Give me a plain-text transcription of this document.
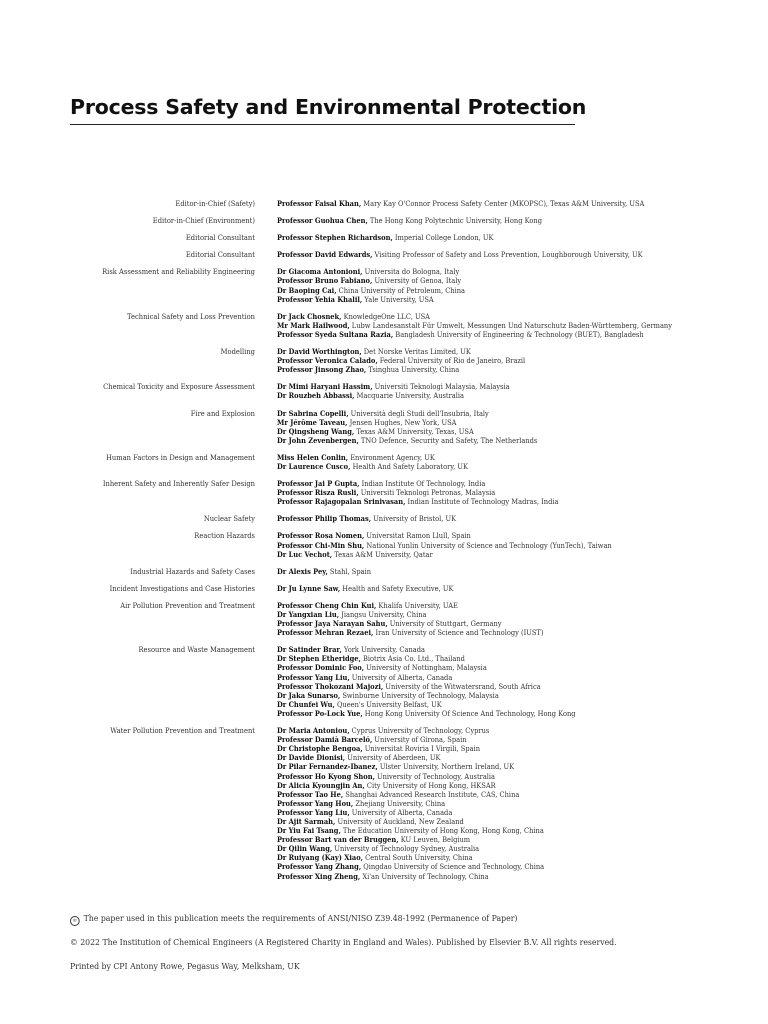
Process Safety and Environmental Protection
Editor-in-Chief (Safety)	Professor Faisal Khan, Mary Kay O'Connor Process Safety Center (MKOPSC), Texas A&M University, USA
Editor-in-Chief (Environment)	Professor Guohua Chen, The Hong Kong Polytechnic University, Hong Kong
Editorial Consultant	Professor Stephen Richardson, Imperial College London, UK
Editorial Consultant	Professor David Edwards, Visiting Professor of Safety and Loss Prevention, Loughborough University, UK
Risk Assessment and Reliability Engineering	Dr Giacoma Antonioni, Universita do Bologna, Italy
Professor Bruno Fabiano, University of Genoa, Italy
Dr Baoping Cai, China University of Petroleum, China
Professor Yehia Khalil, Yale University, USA
Technical Safety and Loss Prevention	Dr Jack Chosnek, KnowledgeOne LLC, USA
Mr Mark Hailwood, Lubw Landesanstalt Für Umwelt, Messungen Und Naturschutz Baden-Württemberg, Germany
Professor Syeda Sultana Razia, Bangladesh University of Engineering & Technology (BUET), Bangladesh
Modelling	Dr David Worthington, Det Norske Veritas Limited, UK
Professor Veronica Calado, Federal University of Rio de Janeiro, Brazil
Professor Jinsong Zhao, Tsinghua University, China
Chemical Toxicity and Exposure Assessment	Dr Mimi Haryani Hassim, Universiti Teknologi Malaysia, Malaysia
Dr Rouzbeh Abbassi, Macquarie University, Australia
Fire and Explosion	Dr Sabrina Copelli, Università degli Studi dell'Insubria, Italy
Mr Jérôme Taveau, Jensen Hughes, New York, USA
Dr Qingsheng Wang, Texas A&M University, Texas, USA
Dr John Zevenbergen, TNO Defence, Security and Safety, The Netherlands
Human Factors in Design and Management	Miss Helen Conlin, Environment Agency, UK
Dr Laurence Cusco, Health And Safety Laboratory, UK
Inherent Safety and Inherently Safer Design	Professor Jai P Gupta, Indian Institute Of Technology, India
Professor Risza Rusli, Universiti Teknologi Petronas, Malaysia
Professor Rajagopalan Srinivasan, Indian Institute of Technology Madras, India
Nuclear Safety	Professor Philip Thomas, University of Bristol, UK
Reaction Hazards	Professor Rosa Nomen, Universitat Ramon Llull, Spain
Professor Chi-Min Shu, National Yunlin University of Science and Technology (YunTech), Taiwan
Dr Luc Vechot, Texas A&M University, Qatar
Industrial Hazards and Safety Cases	Dr Alexis Pey, Stahl, Spain
Incident Investigations and Case Histories	Dr Ju Lynne Saw, Health and Safety Executive, UK
Air Pollution Prevention and Treatment	Professor Cheng Chin Kui, Khalifa University, UAE
Dr Yangxian Liu, Jiangsu University, China
Professor Jaya Narayan Sahu, University of Stuttgart, Germany
Professor Mehran Rezaei, Iran University of Science and Technology (IUST)
Resource and Waste Management	Dr Satinder Brar, York University, Canada
Dr Stephen Etheridge, Biotrix Asia Co. Ltd., Thailand
Professor Dominic Foo, University of Nottingham, Malaysia
Professor Yang Liu, University of Alberta, Canada
Professor Thokozani Majozi, University of the Witwatersrand, South Africa
Dr Jaka Sunarso, Swinburne University of Technology, Malaysia
Dr Chunfei Wu, Queen's University Belfast, UK
Professor Po-Lock Yue, Hong Kong University Of Science And Technology, Hong Kong
Water Pollution Prevention and Treatment	Dr Maria Antoniou, Cyprus University of Technology, Cyprus
Professor Damià Barceló, University of Girona, Spain
Dr Christophe Bengoa, Universitat Roviria I Virgili, Spain
Dr Davide Dionisi, University of Aberdeen, UK
Dr Pilar Fernandez-Ibanez, Ulster University, Northern Ireland, UK
Professor Ho Kyong Shon, University of Technology, Australia
Dr Alicia Kyoungjin An, City University of Hong Kong, HKSAR
Professor Tao He, Shanghai Advanced Research Institute, CAS, China
Professor Yang Hou, Zhejiang University, China
Professor Yang Liu, University of Alberta, Canada
Dr Ajit Sarmah, University of Auckland, New Zealand
Dr Yiu Fai Tsang, The Education University of Hong Kong, Hong Kong, China
Professor Bart van der Bruggen, KU Leuven, Belgium
Dr Qilin Wang, University of Technology Sydney, Australia
Dr Ruiyang (Kay) Xiao, Central South University, China
Professor Yang Zhang, Qingdao University of Science and Technology, China
Professor Xing Zheng, Xi'an University of Technology, China
∞ The paper used in this publication meets the requirements of ANSI/NISO Z39.48-1992 (Permanence of Paper)
© 2022 The Institution of Chemical Engineers (A Registered Charity in England and Wales). Published by Elsevier B.V. All rights reserved.
Printed by CPI Antony Rowe, Pegasus Way, Melksham, UK
